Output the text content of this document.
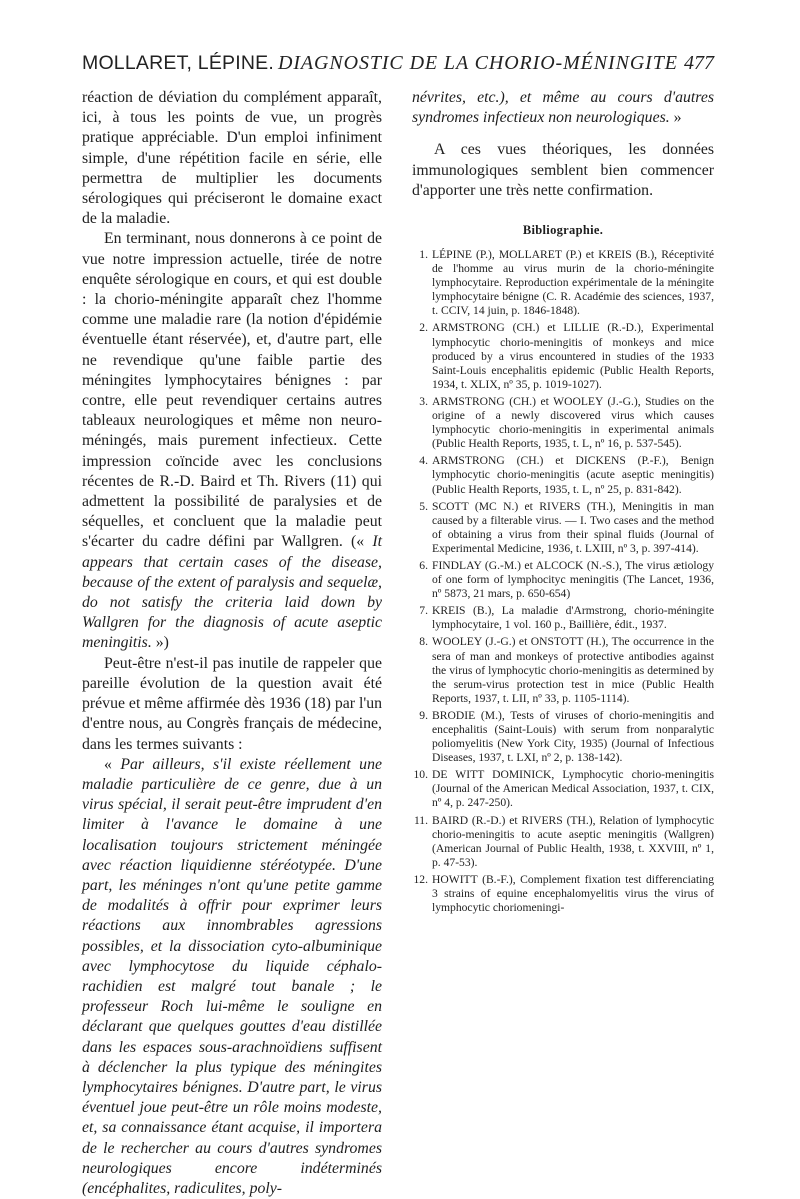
MOLLARET, LÉPINE. DIAGNOSTIC DE LA CHORIO-MÉNINGITE 477

réaction de déviation du complément apparaît, ici, à tous les points de vue, un progrès pratique appréciable. D'un emploi infiniment simple, d'une répétition facile en série, elle permettra de multiplier les documents sérologiques qui préciseront le domaine exact de la maladie.

En terminant, nous donnerons à ce point de vue notre impression actuelle, tirée de notre enquête sérologique en cours, et qui est double : la chorio-méningite apparaît chez l'homme comme une maladie rare (la notion d'épidémie éventuelle étant réservée), et, d'autre part, elle ne revendique qu'une faible partie des méningites lymphocytaires bénignes : par contre, elle peut revendiquer certains autres tableaux neurologiques et même non neuro-méningés, mais purement infectieux. Cette impression coïncide avec les conclusions récentes de R.-D. Baird et Th. Rivers (11) qui admettent la possibilité de paralysies et de séquelles, et concluent que la maladie peut s'écarter du cadre défini par Wallgren. (« It appears that certain cases of the disease, because of the extent of paralysis and sequelæ, do not satisfy the criteria laid down by Wallgren for the diagnosis of acute aseptic meningitis. »)

Peut-être n'est-il pas inutile de rappeler que pareille évolution de la question avait été prévue et même affirmée dès 1936 (18) par l'un d'entre nous, au Congrès français de médecine, dans les termes suivants :

« Par ailleurs, s'il existe réellement une maladie particulière de ce genre, due à un virus spécial, il serait peut-être imprudent d'en limiter à l'avance le domaine à une localisation toujours strictement méningée avec réaction liquidienne stéréotypée. D'une part, les méninges n'ont qu'une petite gamme de modalités à offrir pour exprimer leurs réactions aux innombrables agressions possibles, et la dissociation cyto-albuminique avec lymphocytose du liquide céphalo-rachidien est malgré tout banale ; le professeur Roch lui-même le souligne en déclarant que quelques gouttes d'eau distillée dans les espaces sous-arachnoïdiens suffisent à déclencher la plus typique des méningites lymphocytaires bénignes. D'autre part, le virus éventuel joue peut-être un rôle moins modeste, et, sa connaissance étant acquise, il importera de le rechercher au cours d'autres syndromes neurologiques encore indéterminés (encéphalites, radiculites, poly-

névrites, etc.), et même au cours d'autres syndromes infectieux non neurologiques. »

A ces vues théoriques, les données immunologiques semblent bien commencer d'apporter une très nette confirmation.

Bibliographie.
1. LÉPINE (P.), MOLLARET (P.) et KREIS (B.), Réceptivité de l'homme au virus murin de la chorio-méningite lymphocytaire. Reproduction expérimentale de la méningite lymphocytaire bénigne (C. R. Académie des sciences, 1937, t. CCIV, 14 juin, p. 1846-1848).
2. ARMSTRONG (CH.) et LILLIE (R.-D.), Experimental lymphocytic chorio-meningitis of monkeys and mice produced by a virus encountered in studies of the 1933 Saint-Louis encephalitis epidemic (Public Health Reports, 1934, t. XLIX, nº 35, p. 1019-1027).
3. ARMSTRONG (CH.) et WOOLEY (J.-G.), Studies on the origine of a newly discovered virus which causes lymphocytic chorio-meningitis in experimental animals (Public Health Reports, 1935, t. L, nº 16, p. 537-545).
4. ARMSTRONG (CH.) et DICKENS (P.-F.), Benign lymphocytic chorio-meningitis (acute aseptic meningitis) (Public Health Reports, 1935, t. L, nº 25, p. 831-842).
5. SCOTT (MC N.) et RIVERS (TH.), Meningitis in man caused by a filterable virus. — I. Two cases and the method of obtaining a virus from their spinal fluids (Journal of Experimental Medicine, 1936, t. LXIII, nº 3, p. 397-414).
6. FINDLAY (G.-M.) et ALCOCK (N.-S.), The virus ætiology of one form of lymphocityc meningitis (The Lancet, 1936, nº 5873, 21 mars, p. 650-654)
7. KREIS (B.), La maladie d'Armstrong, chorio-méningite lymphocytaire, 1 vol. 160 p., Baillière, édit., 1937.
8. WOOLEY (J.-G.) et ONSTOTT (H.), The occurrence in the sera of man and monkeys of protective antibodies against the virus of lymphocytic chorio-meningitis as determined by the serum-virus protection test in mice (Public Health Reports, 1937, t. LII, nº 33, p. 1105-1114).
9. BRODIE (M.), Tests of viruses of chorio-meningitis and encephalitis (Saint-Louis) with serum from nonparalytic poliomyelitis (New York City, 1935) (Journal of Infectious Diseases, 1937, t. LXI, nº 2, p. 138-142).
10. DE WITT DOMINICK, Lymphocytic chorio-meningitis (Journal of the American Medical Association, 1937, t. CIX, nº 4, p. 247-250).
11. BAIRD (R.-D.) et RIVERS (TH.), Relation of lymphocytic chorio-meningitis to acute aseptic meningitis (Wallgren) (American Journal of Public Health, 1938, t. XXVIII, nº 1, p. 47-53).
12. HOWITT (B.-F.), Complement fixation test differenciating 3 strains of equine encephalomyelitis virus the virus of lymphocytic choriomeningi-
